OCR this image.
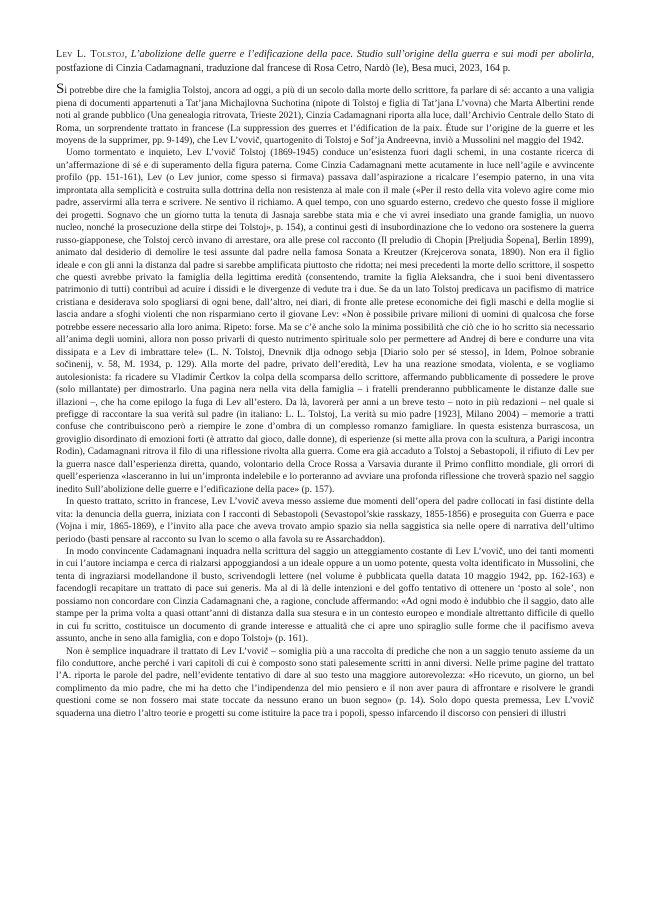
Lev L. Tolstoj, L’abolizione delle guerre e l’edificazione della pace. Studio sull’origine della guerra e sui modi per abolirla, postfazione di Cinzia Cadamagnani, traduzione dal francese di Rosa Cetro, Nardò (le), Besa muci, 2023, 164 p.

Si potrebbe dire che la famiglia Tolstoj, ancora ad oggi, a più di un secolo dalla morte dello scrittore, fa parlare di sé: accanto a una valigia piena di documenti appartenuti a Tat’jana Michajlovna Suchotina (nipote di Tolstoj e figlia di Tat’jana L’vovna) che Marta Albertini rende noti al grande pubblico (Una genealogia ritrovata, Trieste 2021), Cinzia Cadamagnani riporta alla luce, dall’Archivio Centrale dello Stato di Roma, un sorprendente trattato in francese (La suppression des guerres et l’édification de la paix. Étude sur l’origine de la guerre et les moyens de la supprimer, pp. 9-149), che Lev L’vovič, quartogenito di Tolstoj e Sof’ja Andreevna, inviò a Mussolini nel maggio del 1942.

Uomo tormentato e inquieto, Lev L’vovič Tolstoj (1869-1945) conduce un’esistenza fuori dagli schemi, in una costante ricerca di un’affermazione di sé e di superamento della figura paterna. Come Cinzia Cadamagnani mette acutamente in luce nell’agile e avvincente profilo (pp. 151-161), Lev (o Lev junior, come spesso si firmava) passava dall’aspirazione a ricalcare l’esempio paterno, in una vita improntata alla semplicità e costruita sulla dottrina della non resistenza al male con il male («Per il resto della vita volevo agire come mio padre, asservirmi alla terra e scrivere. Ne sentivo il richiamo. A quel tempo, con uno sguardo esterno, credevo che questo fosse il migliore dei progetti. Sognavo che un giorno tutta la tenuta di Jasnaja sarebbe stata mia e che vi avrei insediato una grande famiglia, un nuovo nucleo, nonché la prosecuzione della stirpe dei Tolstoj», p. 154), a continui gesti di insubordinazione che lo vedono ora sostenere la guerra russo-giapponese, che Tolstoj cercò invano di arrestare, ora alle prese col racconto (Il preludio di Chopin [Preljudia Šopena], Berlin 1899), animato dal desiderio di demolire le tesi assunte dal padre nella famosa Sonata a Kreutzer (Krejcerova sonata, 1890). Non era il figlio ideale e con gli anni la distanza dal padre si sarebbe amplificata piuttosto che ridotta; nei mesi precedenti la morte dello scrittore, il sospetto che questi avrebbe privato la famiglia della legittima eredità (consentendo, tramite la figlia Aleksandra, che i suoi beni diventassero patrimonio di tutti) contribuì ad acuire i dissidi e le divergenze di vedute tra i due. Se da un lato Tolstoj predicava un pacifismo di matrice cristiana e desiderava solo spogliarsi di ogni bene, dall’altro, nei diari, di fronte alle pretese economiche dei figli maschi e della moglie si lascia andare a sfoghi violenti che non risparmiano certo il giovane Lev: «Non è possibile privare milioni di uomini di qualcosa che forse potrebbe essere necessario alla loro anima. Ripeto: forse. Ma se c’è anche solo la minima possibilità che ciò che io ho scritto sia necessario all’anima degli uomini, allora non posso privarli di questo nutrimento spirituale solo per permettere ad Andrej di bere e condurre una vita dissipata e a Lev di imbrattare tele» (L. N. Tolstoj, Dnevnik dlja odnogo sebja [Diario solo per sé stesso], in Idem, Polnoe sobranie sočinenij, v. 58, M. 1934, p. 129). Alla morte del padre, privato dell’eredità, Lev ha una reazione smodata, violenta, e se vogliamo autolesionista: fa ricadere su Vladimir Čertkov la colpa della scomparsa dello scrittore, affermando pubblicamente di possedere le prove (solo millantate) per dimostrarlo. Una pagina nera nella vita della famiglia – i fratelli prenderanno pubblicamente le distanze dalle sue illazioni –, che ha come epilogo la fuga di Lev all’estero. Da là, lavorerà per anni a un breve testo – noto in più redazioni – nel quale si prefigge di raccontare la sua verità sul padre (in italiano: L. L. Tolstoj, La verità su mio padre [1923], Milano 2004) – memorie a tratti confuse che contribuiscono però a riempire le zone d’ombra di un complesso romanzo famigliare. In questa esistenza burrascosa, un groviglio disordinato di emozioni forti (è attratto dal gioco, dalle donne), di esperienze (si mette alla prova con la scultura, a Parigi incontra Rodin), Cadamagnani ritrova il filo di una riflessione rivolta alla guerra. Come era già accaduto a Tolstoj a Sebastopoli, il rifiuto di Lev per la guerra nasce dall’esperienza diretta, quando, volontario della Croce Rossa a Varsavia durante il Primo conflitto mondiale, gli orrori di quell’esperienza «lasceranno in lui un’impronta indelebile e lo porteranno ad avviare una profonda riflessione che troverà spazio nel saggio inedito Sull’abolizione delle guerre e l’edificazione della pace» (p. 157).

In questo trattato, scritto in francese, Lev L’vovič aveva messo assieme due momenti dell’opera del padre collocati in fasi distinte della vita: la denuncia della guerra, iniziata con I racconti di Sebastopoli (Sevastopol’skie rasskazy, 1855-1856) e proseguita con Guerra e pace (Vojna i mir, 1865-1869), e l’invito alla pace che aveva trovato ampio spazio sia nella saggistica sia nelle opere di narrativa dell’ultimo periodo (basti pensare al racconto su Ivan lo scemo o alla favola su re Assarchaddon).

In modo convincente Cadamagnani inquadra nella scrittura del saggio un atteggiamento costante di Lev L’vovič, uno dei tanti momenti in cui l’autore inciampa e cerca di rialzarsi appoggiandosi a un ideale oppure a un uomo potente, questa volta identificato in Mussolini, che tenta di ingraziarsi modellandone il busto, scrivendogli lettere (nel volume è pubblicata quella datata 10 maggio 1942, pp. 162-163) e facendogli recapitare un trattato di pace sui generis. Ma al di là delle intenzioni e del goffo tentativo di ottenere un ‘posto al sole’, non possiamo non concordare con Cinzia Cadamagnani che, a ragione, conclude affermando: «Ad ogni modo è indubbio che il saggio, dato alle stampe per la prima volta a quasi ottant’anni di distanza dalla sua stesura e in un contesto europeo e mondiale altrettanto difficile di quello in cui fu scritto, costituisce un documento di grande interesse e attualità che ci apre uno spiraglio sulle forme che il pacifismo aveva assunto, anche in seno alla famiglia, con e dopo Tolstoj» (p. 161).

Non è semplice inquadrare il trattato di Lev L’vovič – somiglia più a una raccolta di prediche che non a un saggio tenuto assieme da un filo conduttore, anche perché i vari capitoli di cui è composto sono stati palesemente scritti in anni diversi. Nelle prime pagine del trattato l’A. riporta le parole del padre, nell’evidente tentativo di dare al suo testo una maggiore autorevolezza: «Ho ricevuto, un giorno, un bel complimento da mio padre, che mi ha detto che l’indipendenza del mio pensiero e il non aver paura di affrontare e risolvere le grandi questioni come se non fossero mai state toccate da nessuno erano un buon segno» (p. 14). Solo dopo questa premessa, Lev L’vovič squaderna una dietro l’altro teorie e progetti su come istituire la pace tra i popoli, spesso infarcendo il discorso con pensieri di illustri
